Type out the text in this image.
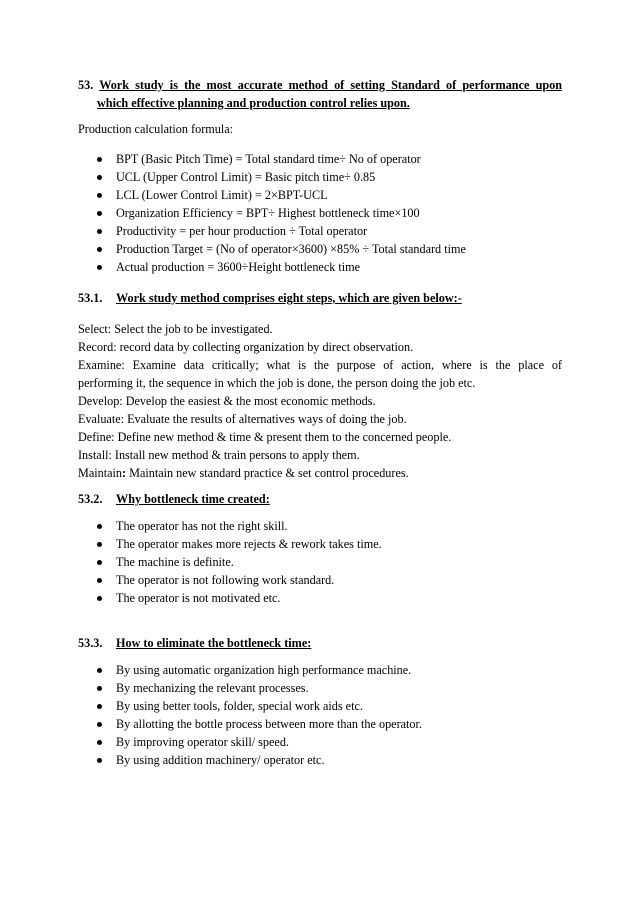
53. Work study is the most accurate method of setting Standard of performance upon
which effective planning and production control relies upon.
Production calculation formula:
BPT (Basic Pitch Time) = Total standard time÷ No of operator
UCL (Upper Control Limit) = Basic pitch time÷ 0.85
LCL (Lower Control Limit) = 2×BPT-UCL
Organization Efficiency = BPT÷ Highest bottleneck time×100
Productivity = per hour production ÷ Total operator
Production Target = (No of operator×3600) ×85% ÷ Total standard time
Actual production = 3600÷Height bottleneck time
53.1. Work study method comprises eight steps, which are given below:-
Select: Select the job to be investigated.
Record: record data by collecting organization by direct observation.
Examine: Examine data critically; what is the purpose of action, where is the place of
performing it, the sequence in which the job is done, the person doing the job etc.
Develop: Develop the easiest & the most economic methods.
Evaluate: Evaluate the results of alternatives ways of doing the job.
Define: Define new method & time & present them to the concerned people.
Install: Install new method & train persons to apply them.
Maintain: Maintain new standard practice & set control procedures.
53.2. Why bottleneck time created:
The operator has not the right skill.
The operator makes more rejects & rework takes time.
The machine is definite.
The operator is not following work standard.
The operator is not motivated etc.
53.3. How to eliminate the bottleneck time:
By using automatic organization high performance machine.
By mechanizing the relevant processes.
By using better tools, folder, special work aids etc.
By allotting the bottle process between more than the operator.
By improving operator skill/ speed.
By using addition machinery/ operator etc.
